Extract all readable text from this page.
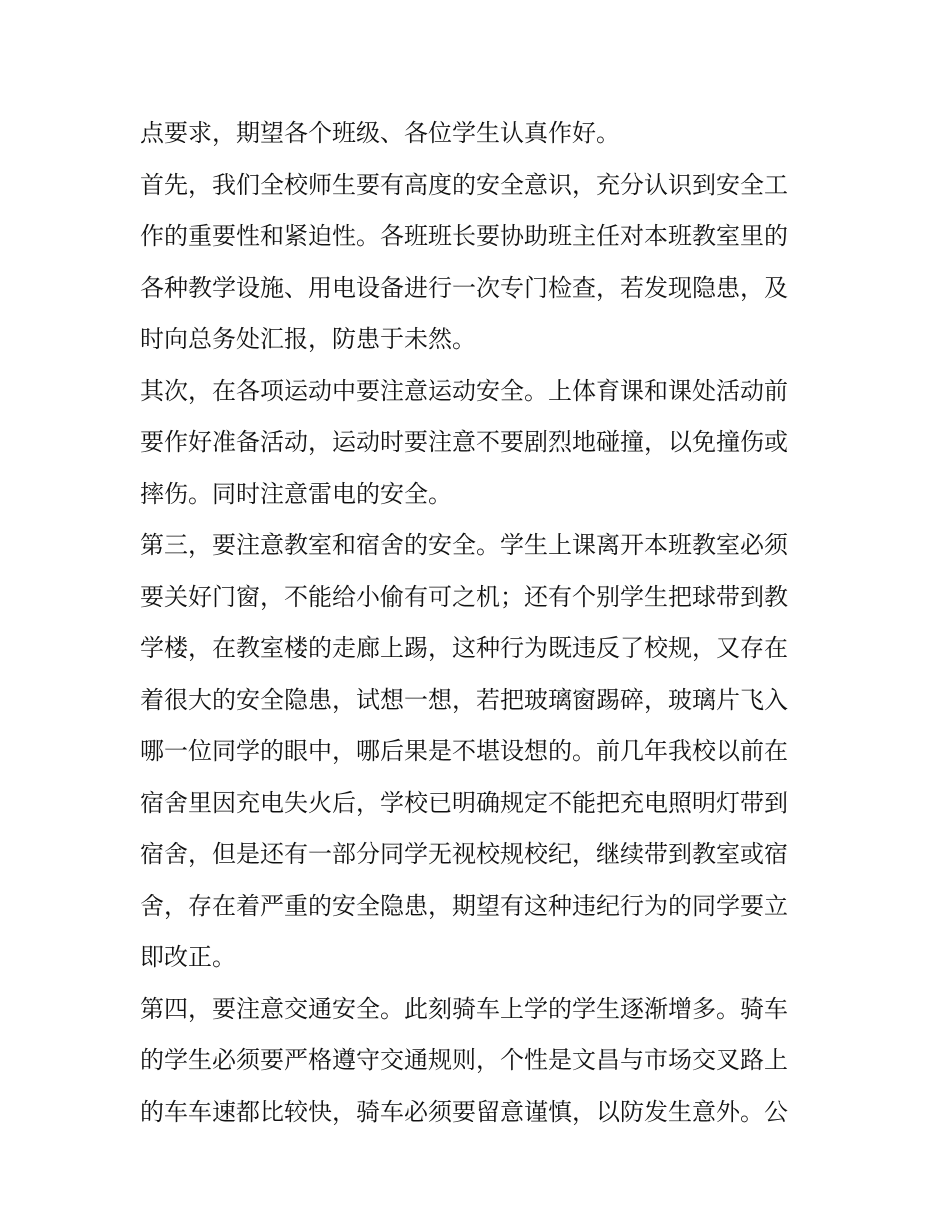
点要求，期望各个班级、各位学生认真作好。
首先，我们全校师生要有高度的安全意识，充分认识到安全工
作的重要性和紧迫性。各班班长要协助班主任对本班教室里的
各种教学设施、用电设备进行一次专门检查，若发现隐患，及
时向总务处汇报，防患于未然。
其次，在各项运动中要注意运动安全。上体育课和课处活动前
要作好准备活动，运动时要注意不要剧烈地碰撞，以免撞伤或
摔伤。同时注意雷电的安全。
第三，要注意教室和宿舍的安全。学生上课离开本班教室必须
要关好门窗，不能给小偷有可之机；还有个别学生把球带到教
学楼，在教室楼的走廊上踢，这种行为既违反了校规，又存在
着很大的安全隐患，试想一想，若把玻璃窗踢碎，玻璃片飞入
哪一位同学的眼中，哪后果是不堪设想的。前几年我校以前在
宿舍里因充电失火后，学校已明确规定不能把充电照明灯带到
宿舍，但是还有一部分同学无视校规校纪，继续带到教室或宿
舍，存在着严重的安全隐患，期望有这种违纪行为的同学要立
即改正。
第四，要注意交通安全。此刻骑车上学的学生逐渐增多。骑车
的学生必须要严格遵守交通规则，个性是文昌与市场交叉路上
的车车速都比较快，骑车必须要留意谨慎，以防发生意外。公
